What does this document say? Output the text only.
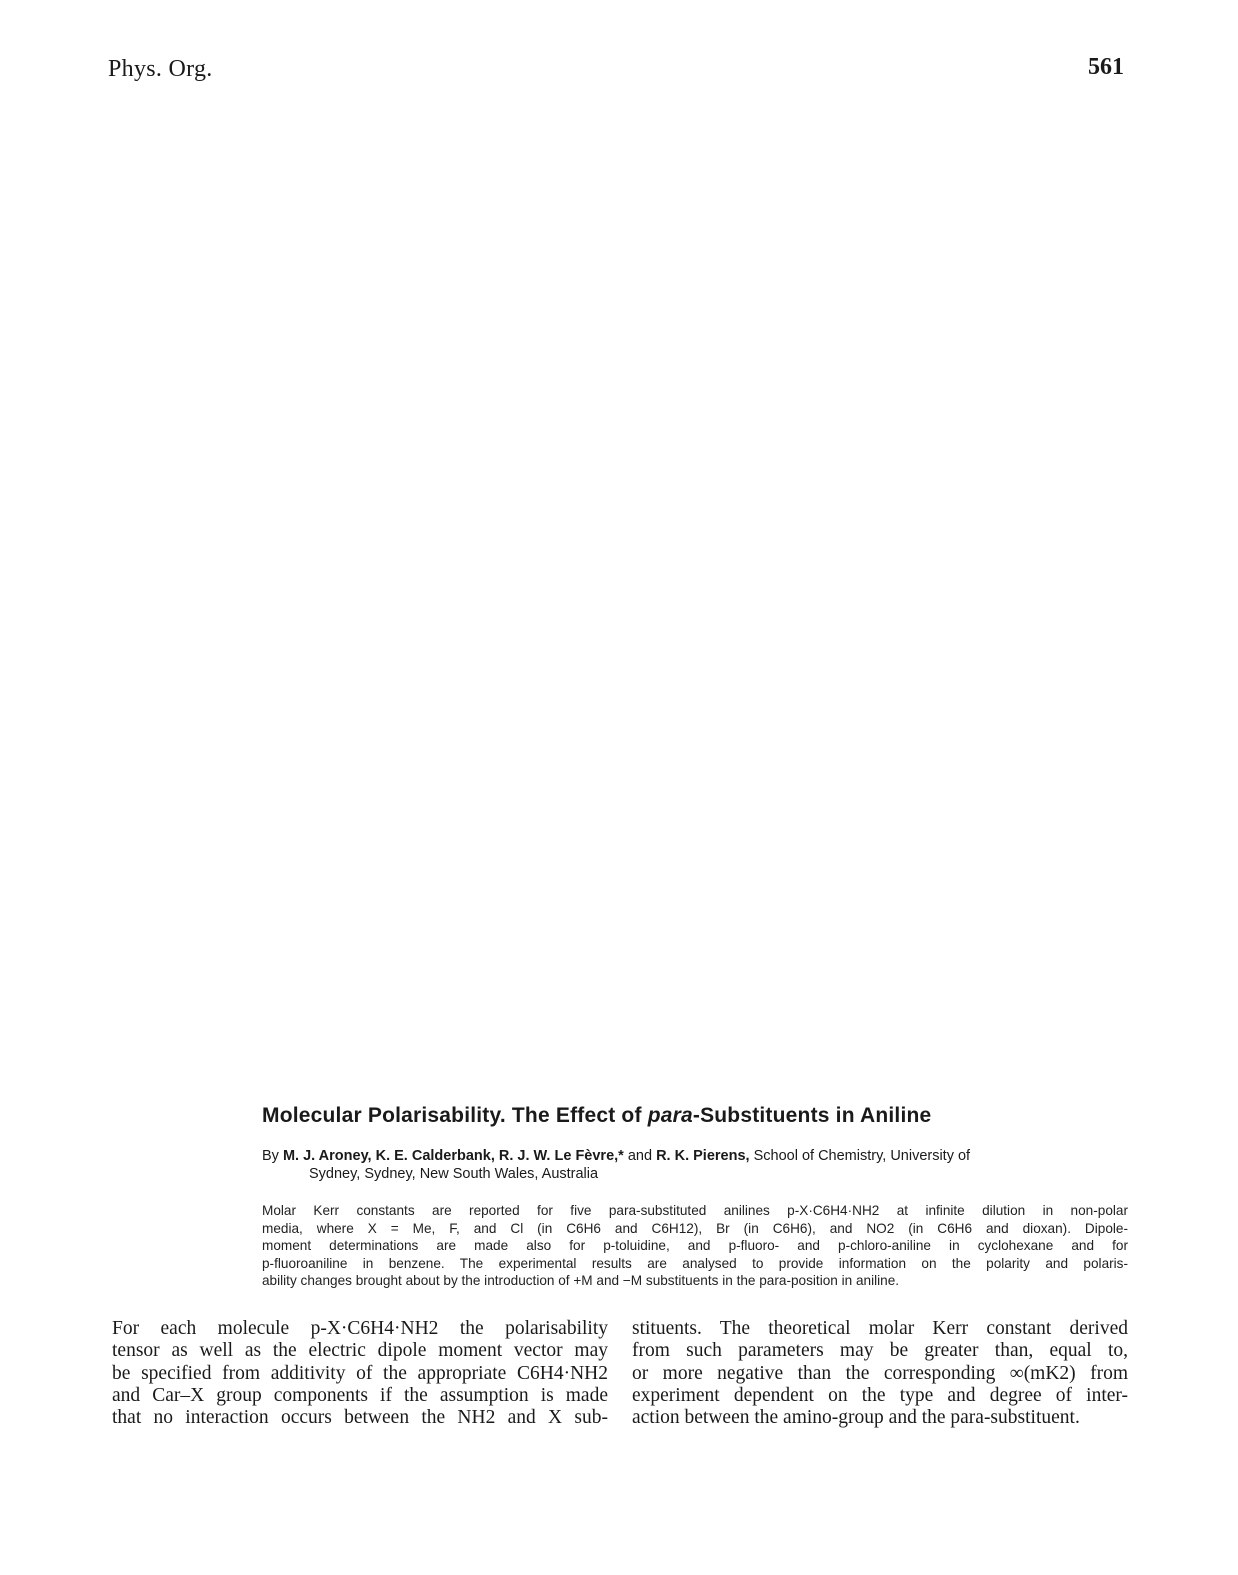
Phys. Org.	561
Molecular Polarisability. The Effect of para-Substituents in Aniline
By M. J. Aroney, K. E. Calderbank, R. J. W. Le Fèvre,* and R. K. Pierens, School of Chemistry, University of
Sydney, Sydney, New South Wales, Australia
Molar Kerr constants are reported for five para-substituted anilines p-X·C6H4·NH2 at infinite dilution in non-polar
media, where X = Me, F, and Cl (in C6H6 and C6H12), Br (in C6H6), and NO2 (in C6H6 and dioxan). Dipole-
moment determinations are made also for p-toluidine, and p-fluoro- and p-chloro-aniline in cyclohexane and for
p-fluoroaniline in benzene. The experimental results are analysed to provide information on the polarity and polaris-
ability changes brought about by the introduction of +M and −M substituents in the para-position in aniline.
For each molecule p-X·C6H4·NH2 the polarisability
tensor as well as the electric dipole moment vector may
be specified from additivity of the appropriate C6H4·NH2
and Car–X group components if the assumption is made
that no interaction occurs between the NH2 and X sub-
stituents. The theoretical molar Kerr constant derived
from such parameters may be greater than, equal to,
or more negative than the corresponding ∞(mK2) from
experiment dependent on the type and degree of inter-
action between the amino-group and the para-substituent.
